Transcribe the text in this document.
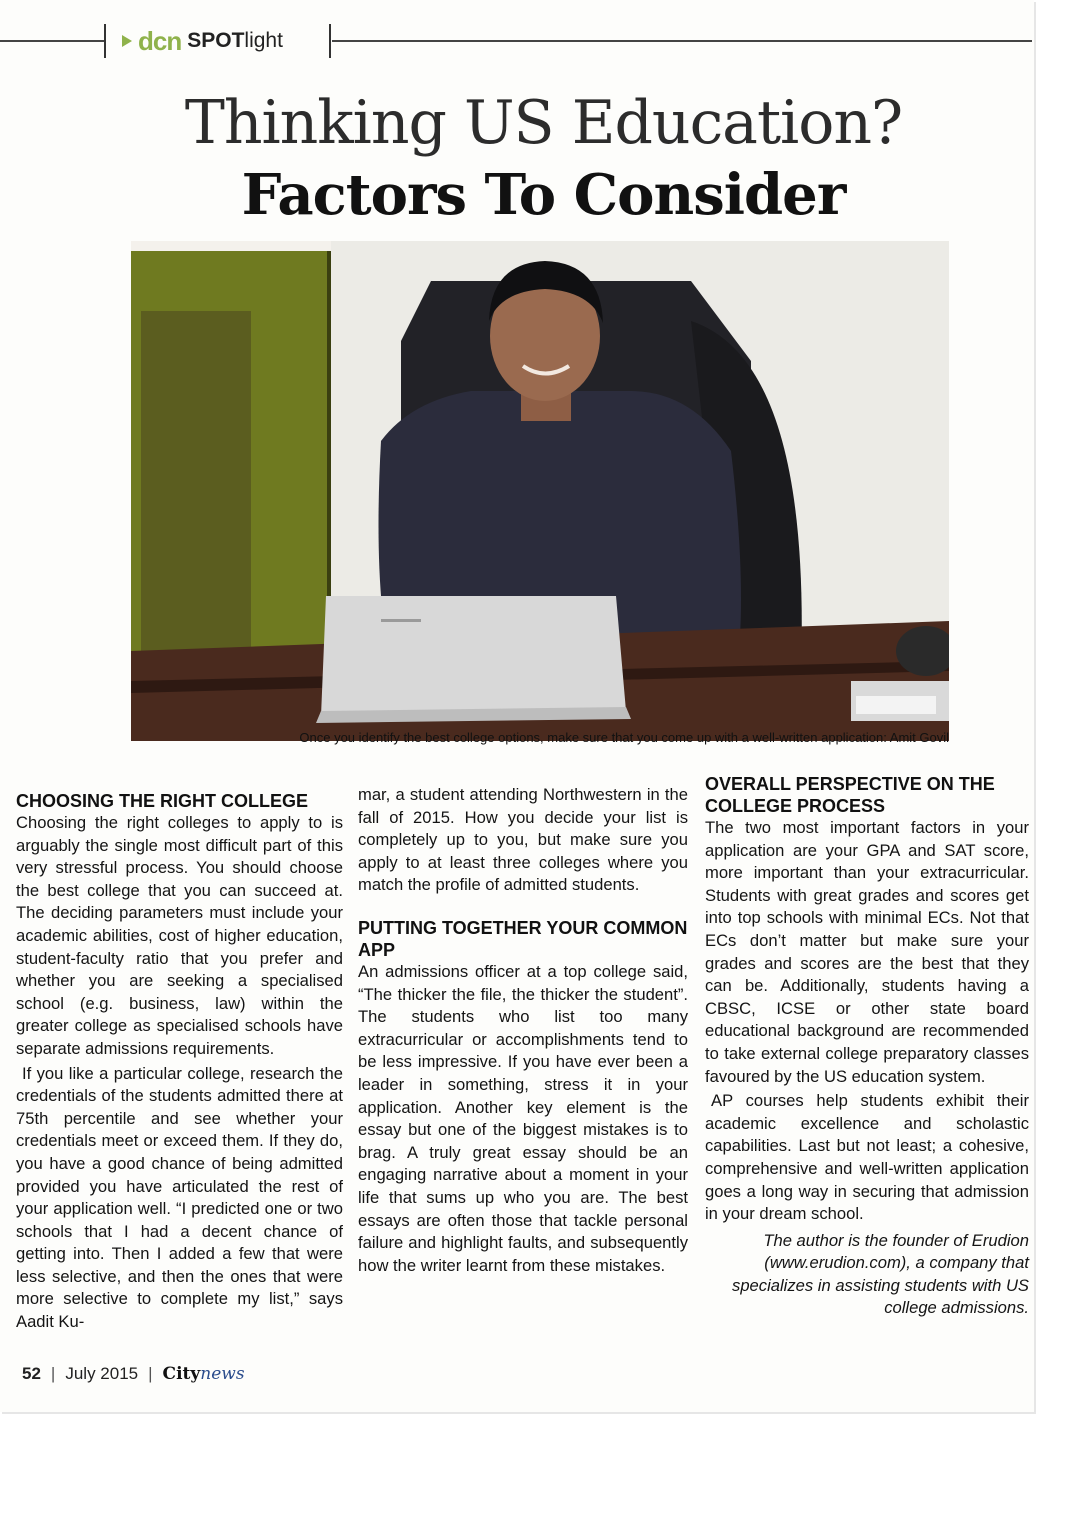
dcn SPOTlight
Thinking US Education?
Factors To Consider
Once you identify the best college options, make sure that you come up with a well-written application: Amit Govil
CHOOSING THE RIGHT COLLEGE

Choosing the right colleges to apply to is arguably the single most difficult part of this very stressful process. You should choose the best college that you can succeed at. The deciding parameters must include your academic abilities, cost of higher education, student-faculty ratio that you prefer and whether you are seeking a specialised school (e.g. business, law) within the greater college as specialised schools have separate admissions requirements.

If you like a particular college, research the credentials of the students admitted there at 75th percentile and see whether your credentials meet or exceed them. If they do, you have a good chance of being admitted provided you have articulated the rest of your application well. “I predicted one or two schools that I had a decent chance of getting into. Then I added a few that were less selective, and then the ones that were more selective to complete my list,” says Aadit Ku-

mar, a student attending Northwestern in the fall of 2015. How you decide your list is completely up to you, but make sure you apply to at least three colleges where you match the profile of admitted students.

PUTTING TOGETHER YOUR COMMON APP

An admissions officer at a top college said, “The thicker the file, the thicker the student”. The students who list too many extracurricular or accomplishments tend to be less impressive. If you have ever been a leader in something, stress it in your application. Another key element is the essay but one of the biggest mistakes is to brag. A truly great essay should be an engaging narrative about a moment in your life that sums up who you are. The best essays are often those that tackle personal failure and highlight faults, and subsequently how the writer learnt from these mistakes.

OVERALL PERSPECTIVE ON THE COLLEGE PROCESS

The two most important factors in your application are your GPA and SAT score, more important than your extracurricular. Students with great grades and scores get into top schools with minimal ECs. Not that ECs don’t matter but make sure your grades and scores are the best that they can be. Additionally, students having a CBSC, ICSE or other state board educational background are recommended to take external college preparatory classes favoured by the US education system.

AP courses help students exhibit their academic excellence and scholastic capabilities. Last but not least; a cohesive, comprehensive and well-written application goes a long way in securing that admission in your dream school.

The author is the founder of Erudion (www.erudion.com), a company that specializes in assisting students with US college admissions.

52 | July 2015 | Citynews
